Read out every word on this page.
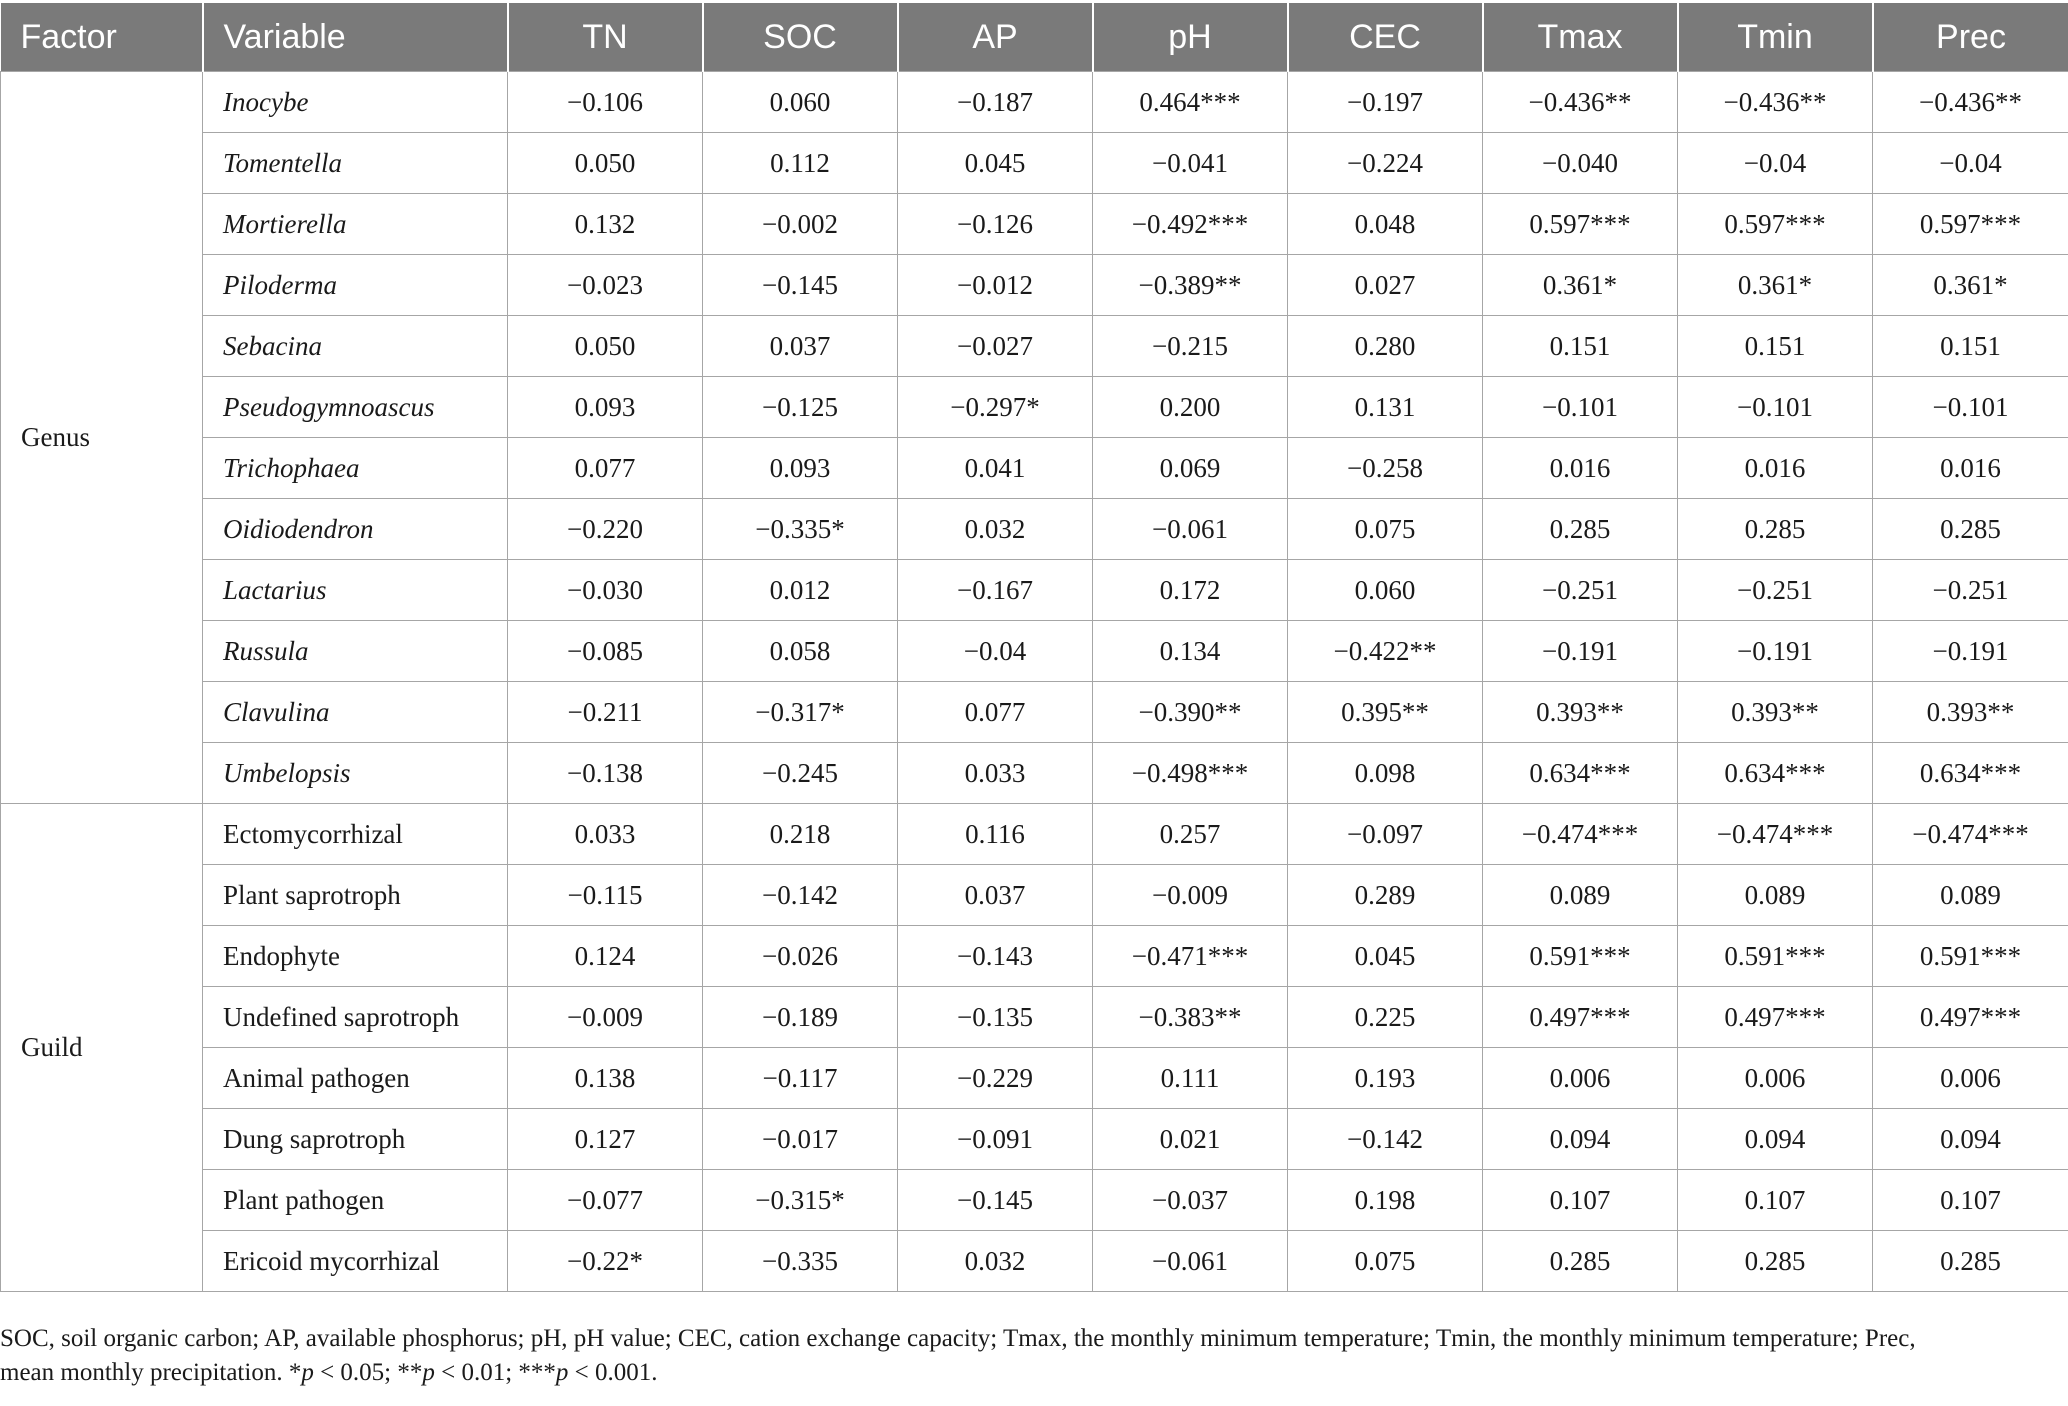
Factor	Variable	TN	SOC	AP	pH	CEC	Tmax	Tmin	Prec
Genus	Inocybe	−0.106	0.060	−0.187	0.464***	−0.197	−0.436**	−0.436**	−0.436**
	Tomentella	0.050	0.112	0.045	−0.041	−0.224	−0.040	−0.04	−0.04
	Mortierella	0.132	−0.002	−0.126	−0.492***	0.048	0.597***	0.597***	0.597***
	Piloderma	−0.023	−0.145	−0.012	−0.389**	0.027	0.361*	0.361*	0.361*
	Sebacina	0.050	0.037	−0.027	−0.215	0.280	0.151	0.151	0.151
	Pseudogymnoascus	0.093	−0.125	−0.297*	0.200	0.131	−0.101	−0.101	−0.101
	Trichophaea	0.077	0.093	0.041	0.069	−0.258	0.016	0.016	0.016
	Oidiodendron	−0.220	−0.335*	0.032	−0.061	0.075	0.285	0.285	0.285
	Lactarius	−0.030	0.012	−0.167	0.172	0.060	−0.251	−0.251	−0.251
	Russula	−0.085	0.058	−0.04	0.134	−0.422**	−0.191	−0.191	−0.191
	Clavulina	−0.211	−0.317*	0.077	−0.390**	0.395**	0.393**	0.393**	0.393**
	Umbelopsis	−0.138	−0.245	0.033	−0.498***	0.098	0.634***	0.634***	0.634***
Guild	Ectomycorrhizal	0.033	0.218	0.116	0.257	−0.097	−0.474***	−0.474***	−0.474***
	Plant saprotroph	−0.115	−0.142	0.037	−0.009	0.289	0.089	0.089	0.089
	Endophyte	0.124	−0.026	−0.143	−0.471***	0.045	0.591***	0.591***	0.591***
	Undefined saprotroph	−0.009	−0.189	−0.135	−0.383**	0.225	0.497***	0.497***	0.497***
	Animal pathogen	0.138	−0.117	−0.229	0.111	0.193	0.006	0.006	0.006
	Dung saprotroph	0.127	−0.017	−0.091	0.021	−0.142	0.094	0.094	0.094
	Plant pathogen	−0.077	−0.315*	−0.145	−0.037	0.198	0.107	0.107	0.107
	Ericoid mycorrhizal	−0.22*	−0.335	0.032	−0.061	0.075	0.285	0.285	0.285
SOC, soil organic carbon; AP, available phosphorus; pH, pH value; CEC, cation exchange capacity; Tmax, the monthly minimum temperature; Tmin, the monthly minimum temperature; Prec,
mean monthly precipitation. *p < 0.05; **p < 0.01; ***p < 0.001.
